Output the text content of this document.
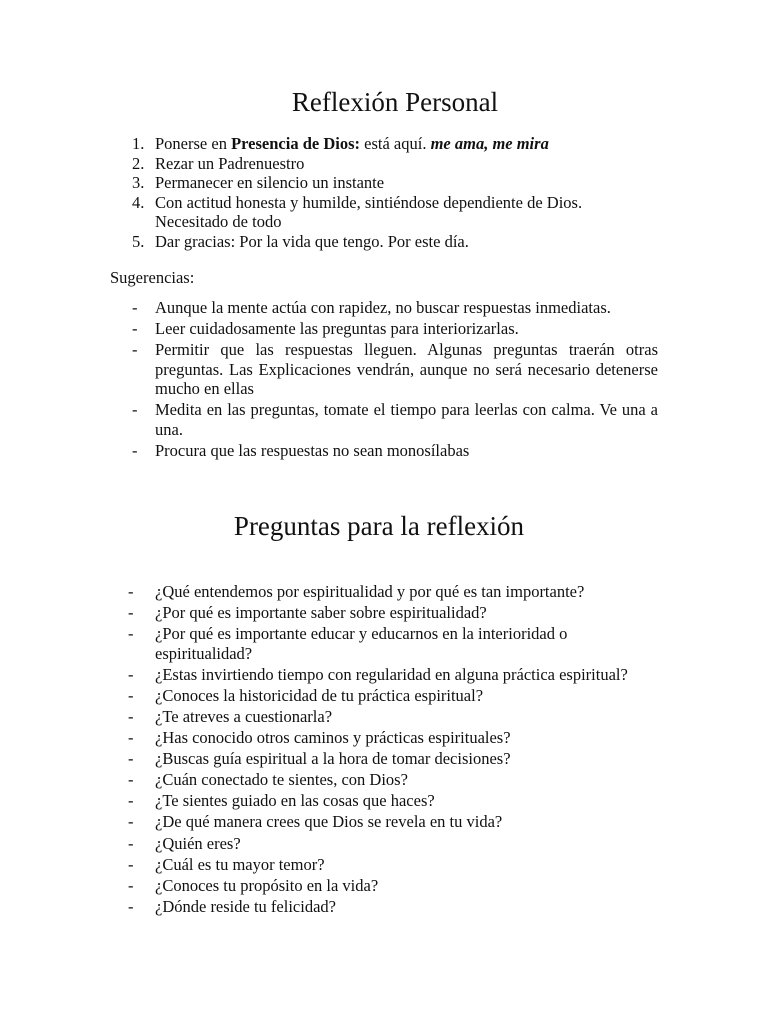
Reflexión Personal
1. Ponerse en Presencia de Dios: está aquí. me ama, me mira
2. Rezar un Padrenuestro
3. Permanecer en silencio un instante
4. Con actitud honesta y humilde, sintiéndose dependiente de Dios. Necesitado de todo
5. Dar gracias: Por la vida que tengo. Por este día.
Sugerencias:
- Aunque la mente actúa con rapidez, no buscar respuestas inmediatas.
- Leer cuidadosamente las preguntas para interiorizarlas.
- Permitir que las respuestas lleguen. Algunas preguntas traerán otras preguntas. Las Explicaciones vendrán, aunque no será necesario detenerse mucho en ellas
- Medita en las preguntas, tomate el tiempo para leerlas con calma. Ve una a una.
- Procura que las respuestas no sean monosílabas
Preguntas para la reflexión
- ¿Qué entendemos por espiritualidad y por qué es tan importante?
- ¿Por qué es importante saber sobre espiritualidad?
- ¿Por qué es importante educar y educarnos en la interioridad o espiritualidad?
- ¿Estas invirtiendo tiempo con regularidad en alguna práctica espiritual?
- ¿Conoces la historicidad de tu práctica espiritual?
- ¿Te atreves a cuestionarla?
- ¿Has conocido otros caminos y prácticas espirituales?
- ¿Buscas guía espiritual a la hora de tomar decisiones?
- ¿Cuán conectado te sientes, con Dios?
- ¿Te sientes guiado en las cosas que haces?
- ¿De qué manera crees que Dios se revela en tu vida?
- ¿Quién eres?
- ¿Cuál es tu mayor temor?
- ¿Conoces tu propósito en la vida?
- ¿Dónde reside tu felicidad?
